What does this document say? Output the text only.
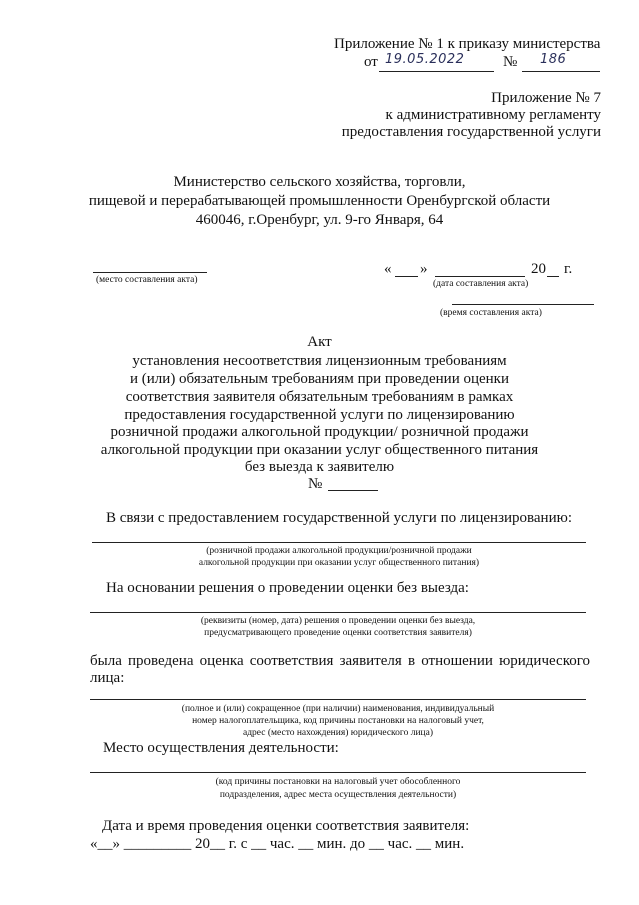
Приложение № 1 к приказу министерства
от 19.05.2022	№ 186
Приложение № 7
к административному регламенту
предоставления государственной услуги
Министерство сельского хозяйства, торговли,
пищевой и перерабатывающей промышленности Оренбургской области
460046, г.Оренбург, ул. 9-го Января, 64
(место составления акта)
« »	20 г.
(дата составления акта)
(время составления акта)
Акт
установления несоответствия лицензионным требованиям
и (или) обязательным требованиям при проведении оценки
соответствия заявителя обязательным требованиям в рамках
предоставления государственной услуги по лицензированию
розничной продажи алкогольной продукции/ розничной продажи
алкогольной продукции при оказании услуг общественного питания
без выезда к заявителю
№
В связи с предоставлением государственной услуги по лицензированию:
(розничной продажи алкогольной продукции/розничной продажи
алкогольной продукции при оказании услуг общественного питания)
На основании решения о проведении оценки без выезда:
(реквизиты (номер, дата) решения о проведении оценки без выезда,
предусматривающего проведение оценки соответствия заявителя)
была проведена оценка соответствия заявителя в отношении юридического
лица:
(полное и (или) сокращенное (при наличии) наименования, индивидуальный
номер налогоплательщика, код причины постановки на налоговый учет,
адрес (место нахождения) юридического лица)
Место осуществления деятельности:
(код причины постановки на налоговый учет обособленного
подразделения, адрес места осуществления деятельности)
Дата и время проведения оценки соответствия заявителя:
«__» _________ 20__ г. с __ час. __ мин. до __ час. __ мин.
